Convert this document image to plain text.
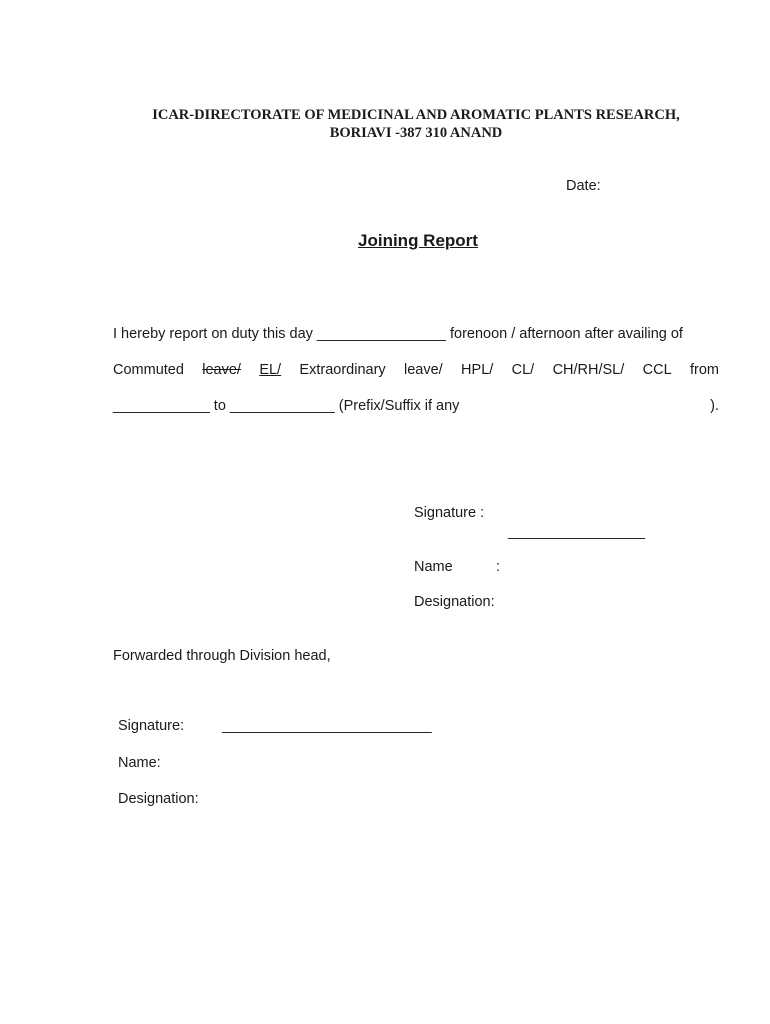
ICAR-DIRECTORATE OF MEDICINAL AND AROMATIC PLANTS RESEARCH,
BORIAVI -387 310 ANAND
Date:
Joining Report
I hereby report on duty this day ________________ forenoon / afternoon after availing of
Commuted leave/ EL/ Extraordinary leave/ HPL/ CL/ CH/RH/SL/ CCL from
____________ to _____________ (Prefix/Suffix if any	).
Signature :
_________________
Name	:
Designation:
Forwarded through Division head,
Signature:	__________________________
Name:
Designation:
